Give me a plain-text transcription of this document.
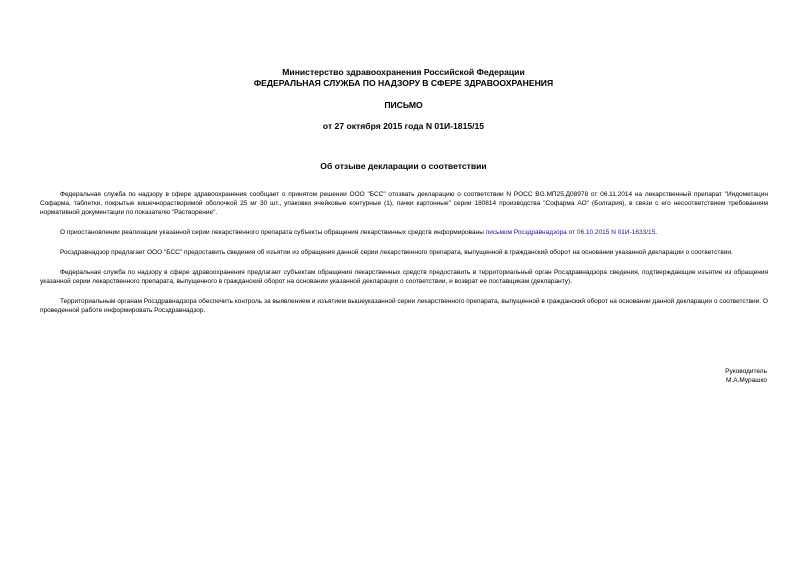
Министерство здравоохранения Российской Федерации
ФЕДЕРАЛЬНАЯ СЛУЖБА ПО НАДЗОРУ В СФЕРЕ ЗДРАВООХРАНЕНИЯ
ПИСЬМО
от 27 октября 2015 года N 01И-1815/15
Об отзыве декларации о соответствии

Федеральная служба по надзору в сфере здравоохранения сообщает о принятом решении ООО "БСС" отозвать декларацию о соответствии N РОСС BG.МП25.Д08978 от 06.11.2014 на лекарственный препарат "Индометацин Софарма, таблетки, покрытые кишечнорастворимой оболочкой 25 мг 30 шт., упаковки ячейковые контурные (1), пачки картонные" серии 180814 производства "Софарма АО" (Болгария), в связи с его несоответствием требованиям нормативной документации по показателю "Растворение".

О приостановлении реализации указанной серии лекарственного препарата субъекты обращения лекарственных средств информированы письмом Росздравнадзора от 06.10.2015 N 01И-1633/15.

Росздравнадзор предлагает ООО "БСС" предоставить сведения об изъятии из обращения данной серии лекарственного препарата, выпущенной в гражданский оборот на основании указанной декларации о соответствии.

Федеральная служба по надзору в сфере здравоохранения предлагает субъектам обращения лекарственных средств предоставить в территориальный орган Росздравнадзора сведения, подтверждающие изъятие из обращения указанной серии лекарственного препарата, выпущенного в гражданский оборот на основании указанной декларации о соответствии, и возврат ее поставщикам (декларанту).

Территориальным органам Росздравнадзора обеспечить контроль за выявлением и изъятием вышеуказанной серии лекарственного препарата, выпущенной в гражданский оборот на основании данной декларации о соответствии. О проведенной работе информировать Росздравнадзор.

Руководитель
М.А.Мурашко
